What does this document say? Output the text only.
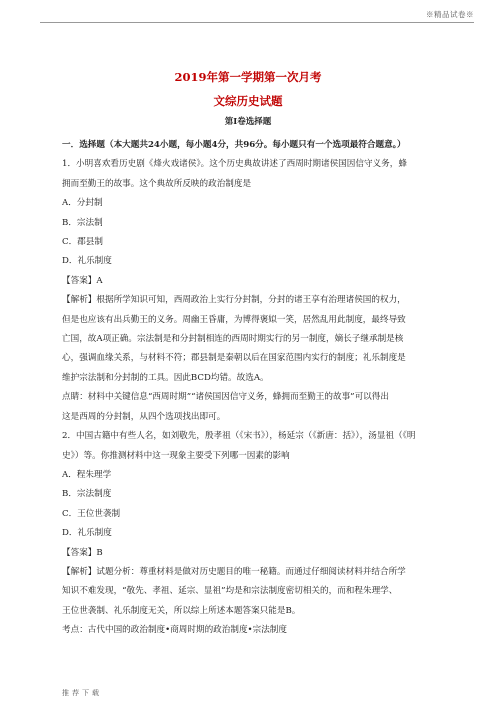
※精品试卷※
2019年第一学期第一次月考
文综历史试题
第Ⅰ卷选择题

一．选择题（本大题共24小题，每小题4分，共96分。每小题只有一个选项最符合题意。）

1．小明喜欢看历史剧《烽火戏诸侯》。这个历史典故讲述了西周时期诸侯国因信守义务，蜂

拥而至勤王的故事。这个典故所反映的政治制度是

A．分封制

B．宗法制

C．郡县制

D．礼乐制度

【答案】A

【解析】根据所学知识可知，西周政治上实行分封制，分封的诸王享有治理诸侯国的权力，

但是也应该有出兵勤王的义务。周幽王昏庸，为博得褒姒一笑，居然乱用此制度，最终导致

亡国，故A项正确。宗法制是和分封制相连的西周时期实行的另一制度，嫡长子继承制是核

心，强调血缘关系，与材料不符；郡县制是秦朝以后在国家范围内实行的制度；礼乐制度是

维护宗法制和分封制的工具。因此BCD均错。故选A。

点睛：材料中关键信息“西周时期”“诸侯国因信守义务，蜂拥而至勤王的故事”可以得出

这是西周的分封制，从四个选项找出即可。

2．中国古籍中有些人名，如刘敬先，殷孝祖（《宋书》），杨延宗（《新唐：括》），汤显祖（《明

史》）等。你推测材料中这一现象主要受下列哪一因素的影响

A．程朱理学

B．宗法制度

C．王位世袭制

D．礼乐制度

【答案】B

【解析】试题分析：尊重材料是做对历史题目的唯一秘籍。而通过仔细阅读材料并结合所学

知识不难发现，“敬先、孝祖、延宗、显祖”均是和宗法制度密切相关的，而和程朱理学、

王位世袭制、礼乐制度无关，所以综上所述本题答案只能是B。

考点：古代中国的政治制度•商周时期的政治制度•宗法制度

推荐下载
